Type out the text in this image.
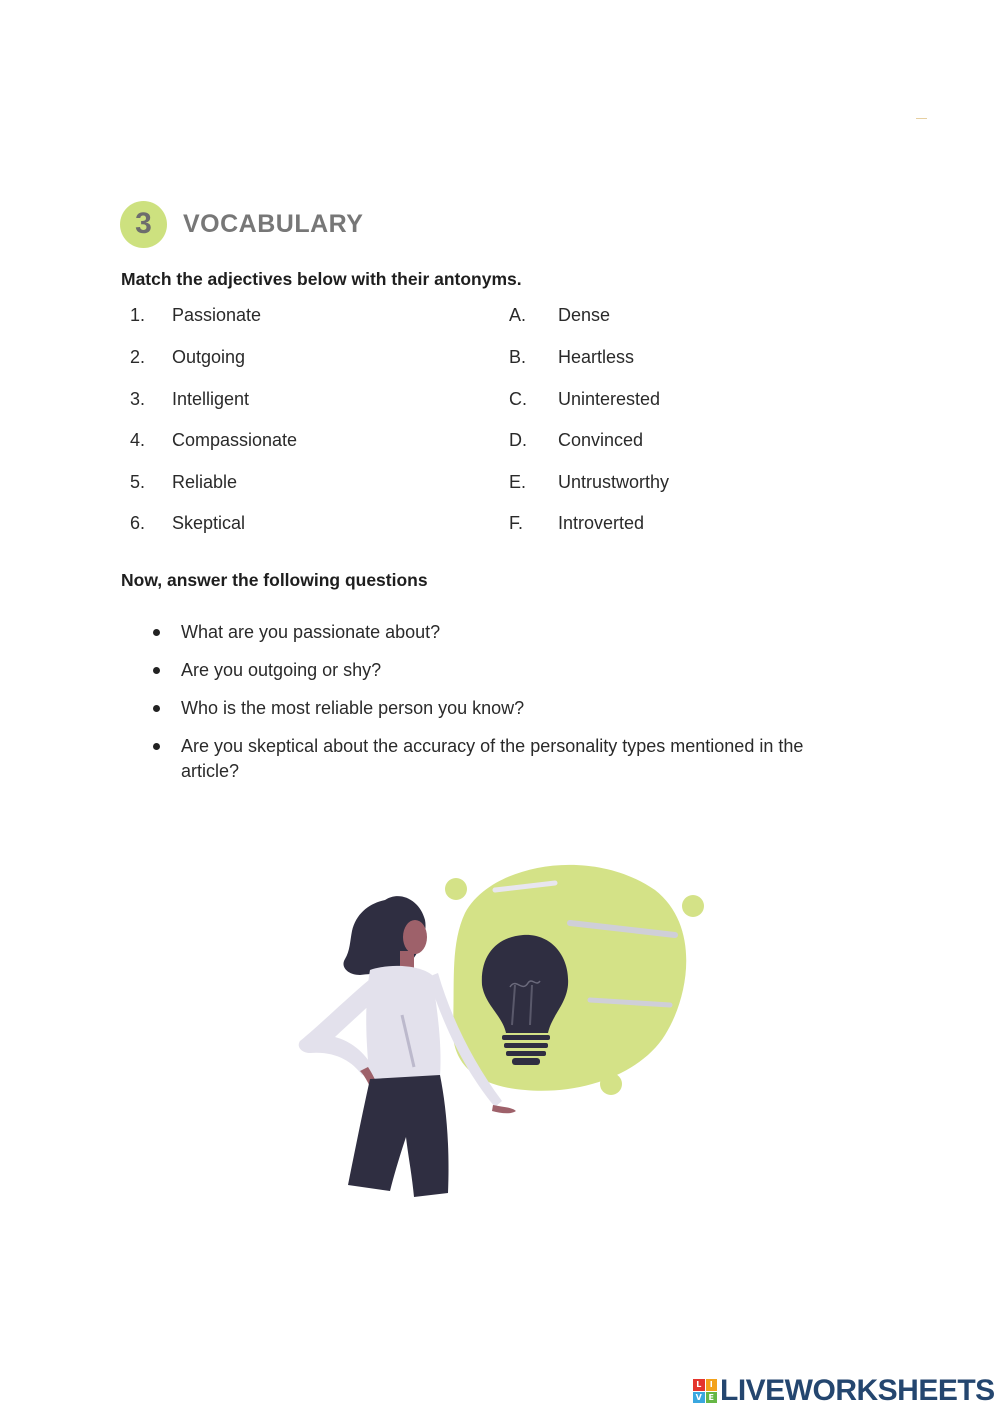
3	VOCABULARY
Match the adjectives below with their antonyms.
1. Passionate	A. Dense
2. Outgoing	B. Heartless
3. Intelligent	C. Uninterested
4. Compassionate	D. Convinced
5. Reliable	E. Untrustworthy
6. Skeptical	F. Introverted
Now, answer the following questions
What are you passionate about?
Are you outgoing or shy?
Who is the most reliable person you know?
Are you skeptical about the accuracy of the personality types mentioned in the article?
L	I
V E LIVEWORKSHEETS
